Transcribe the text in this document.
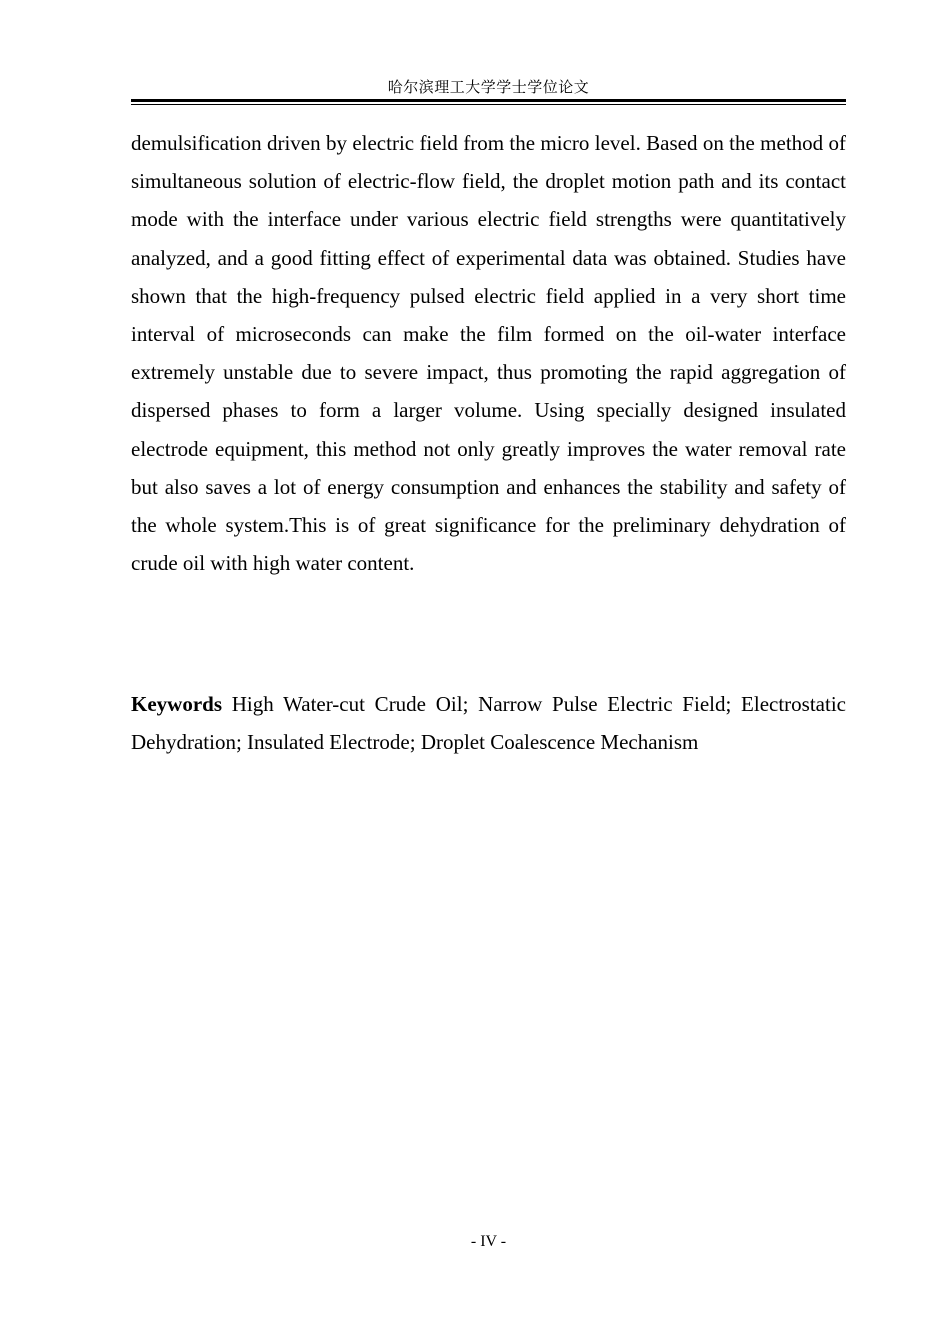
哈尔滨理工大学学士学位论文

demulsification driven by electric field from the micro level. Based on the method of simultaneous solution of electric-flow field, the droplet motion path and its contact mode with the interface under various electric field strengths were quantitatively analyzed, and a good fitting effect of experimental data was obtained. Studies have shown that the high-frequency pulsed electric field applied in a very short time interval of microseconds can make the film formed on the oil-water interface extremely unstable due to severe impact, thus promoting the rapid aggregation of dispersed phases to form a larger volume. Using specially designed insulated electrode equipment, this method not only greatly improves the water removal rate but also saves a lot of energy consumption and enhances the stability and safety of the whole system.This is of great significance for the preliminary dehydration of crude oil with high water content.

Keywords High Water-cut Crude Oil; Narrow Pulse Electric Field; Electrostatic Dehydration; Insulated Electrode; Droplet Coalescence Mechanism

- IV -
